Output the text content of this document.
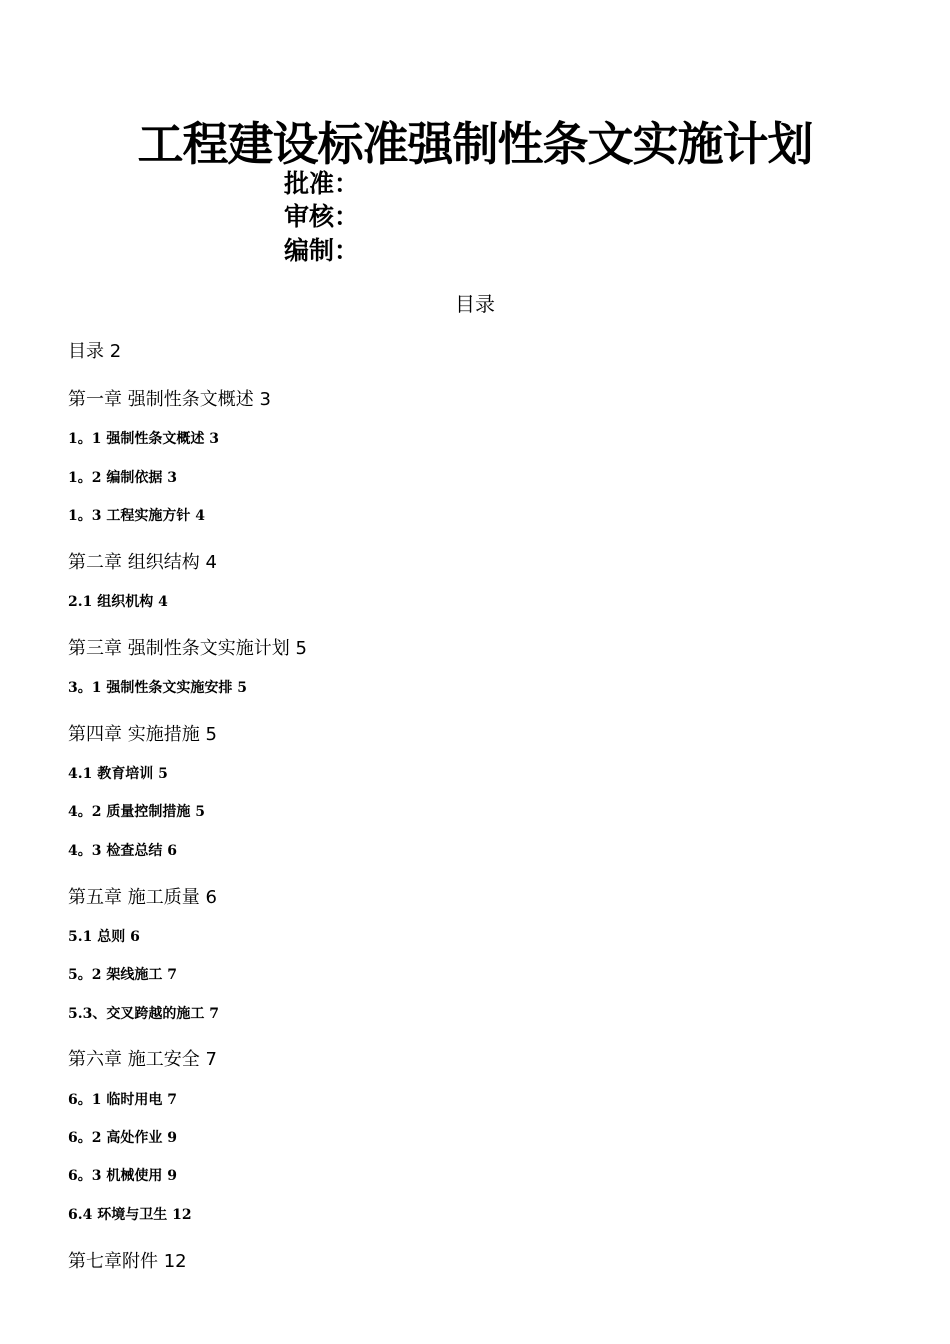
工程建设标准强制性条文实施计划
批准：
审核：
编制：
目录
目录 2
第一章 强制性条文概述 3
1。1 强制性条文概述 3
1。2 编制依据 3
1。3 工程实施方针 4
第二章 组织结构 4
2.1 组织机构 4
第三章 强制性条文实施计划 5
3。1 强制性条文实施安排 5
第四章 实施措施 5
4.1 教育培训 5
4。2 质量控制措施 5
4。3 检查总结 6
第五章 施工质量 6
5.1 总则 6
5。2 架线施工 7
5.3、交叉跨越的施工 7
第六章 施工安全 7
6。1 临时用电 7
6。2 高处作业 9
6。3 机械使用 9
6.4 环境与卫生 12
第七章附件 12
